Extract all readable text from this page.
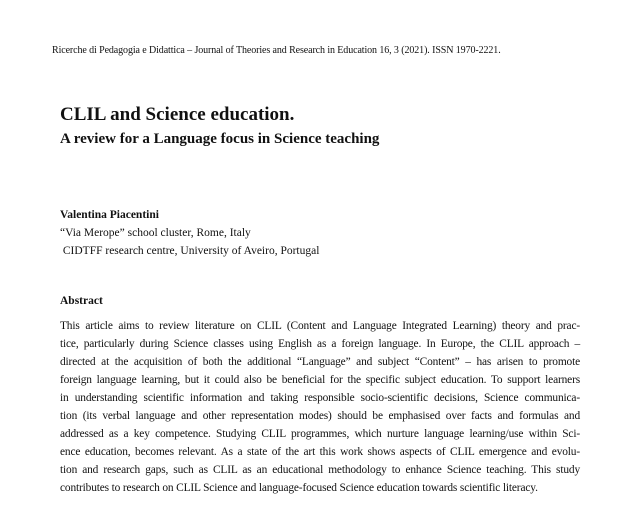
Ricerche di Pedagogia e Didattica – Journal of Theories and Research in Education 16, 3 (2021). ISSN 1970-2221.
CLIL and Science education.
A review for a Language focus in Science teaching
Valentina Piacentini
“Via Merope” school cluster, Rome, Italy
CIDTFF research centre, University of Aveiro, Portugal
Abstract
This article aims to review literature on CLIL (Content and Language Integrated Learning) theory and prac-
tice, particularly during Science classes using English as a foreign language. In Europe, the CLIL approach –
directed at the acquisition of both the additional “Language” and subject “Content” – has arisen to promote
foreign language learning, but it could also be beneficial for the specific subject education. To support learners
in understanding scientific information and taking responsible socio-scientific decisions, Science communica-
tion (its verbal language and other representation modes) should be emphasised over facts and formulas and
addressed as a key competence. Studying CLIL programmes, which nurture language learning/use within Sci-
ence education, becomes relevant. As a state of the art this work shows aspects of CLIL emergence and evolu-
tion and research gaps, such as CLIL as an educational methodology to enhance Science teaching. This study
contributes to research on CLIL Science and language-focused Science education towards scientific literacy.
